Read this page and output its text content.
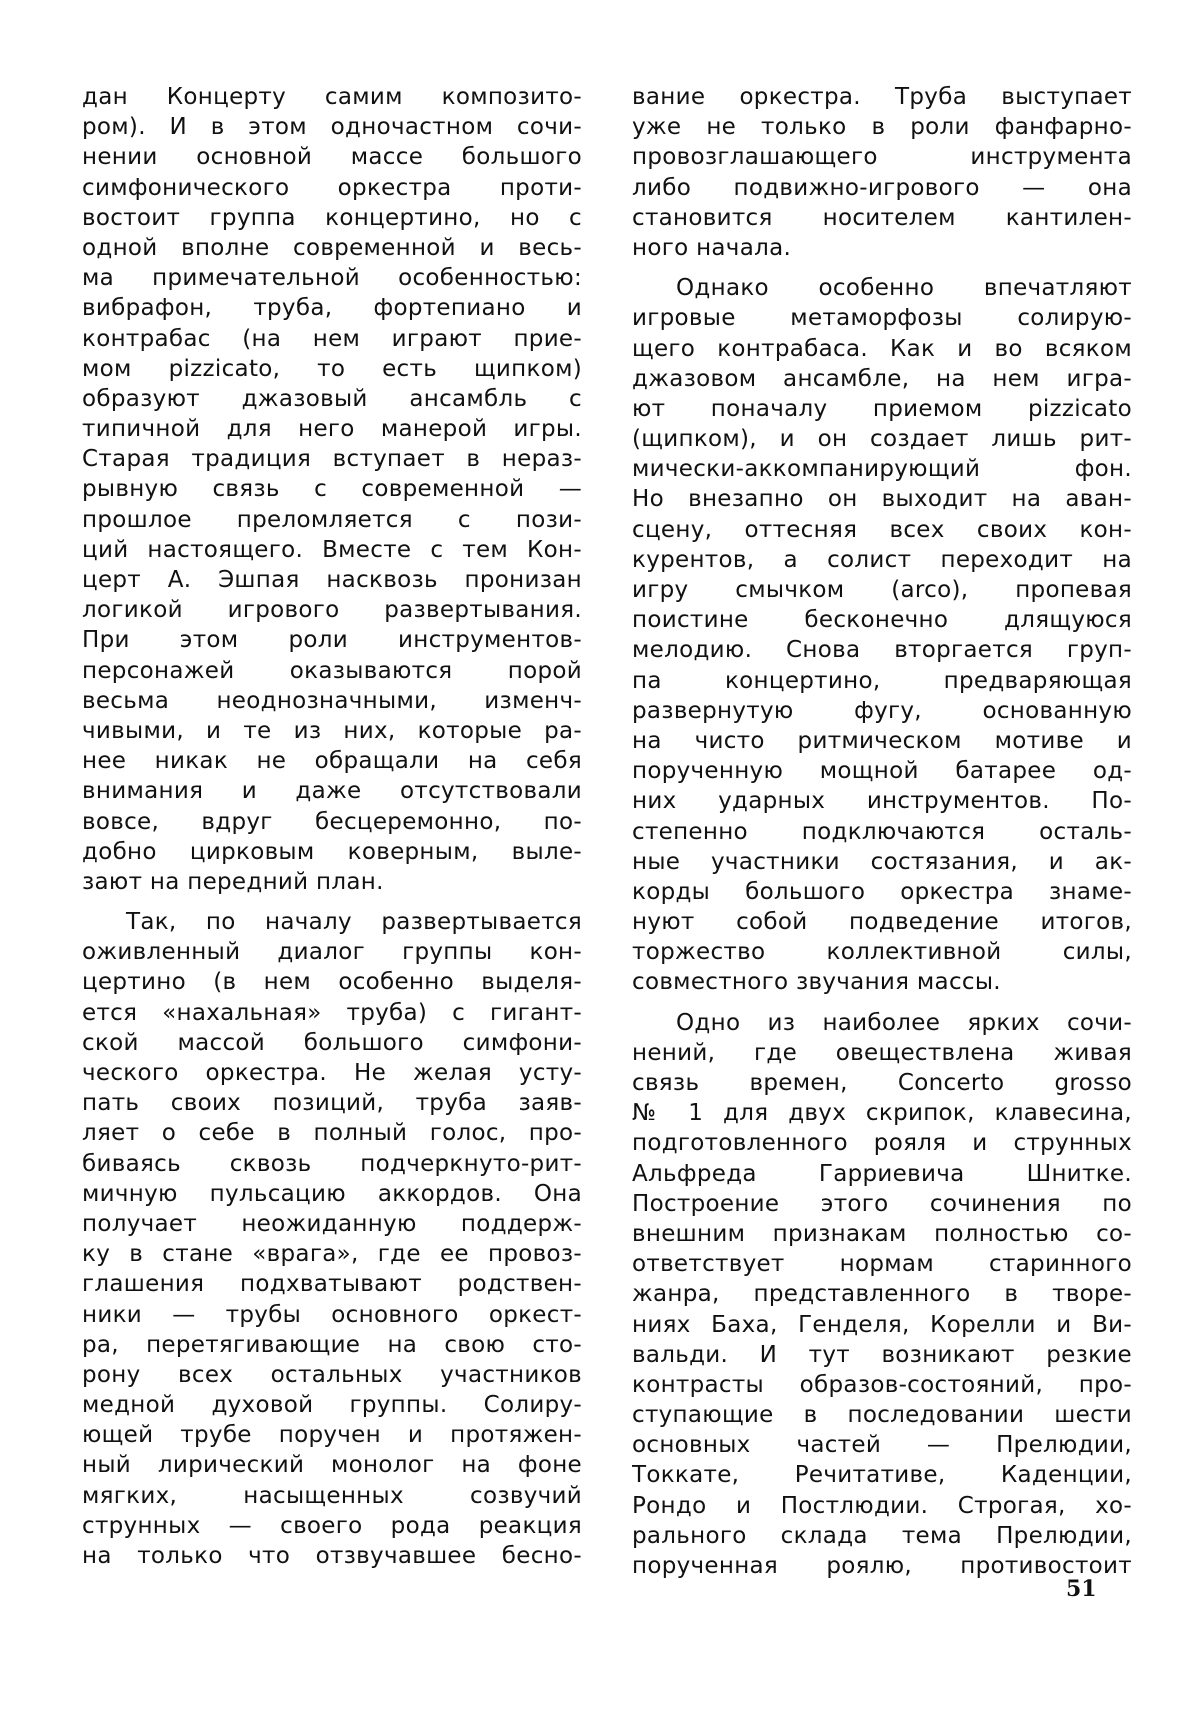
дан Концерту самим композито-
ром). И в этом одночастном сочи-
нении основной массе большого
симфонического оркестра проти-
востоит группа концертино, но с
одной вполне современной и весь-
ма примечательной особенностью:
вибрафон, труба, фортепиано и
контрабас (на нем играют прие-
мом pizzicato, то есть щипком)
образуют джазовый ансамбль с
типичной для него манерой игры.
Старая традиция вступает в нераз-
рывную связь с современной —
прошлое преломляется с пози-
ций настоящего. Вместе с тем Кон-
церт А. Эшпая насквозь пронизан
логикой игрового развертывания.
При этом роли инструментов-
персонажей оказываются порой
весьма неоднозначными, изменч-
чивыми, и те из них, которые ра-
нее никак не обращали на себя
внимания и даже отсутствовали
вовсе, вдруг бесцеремонно, по-
добно цирковым коверным, выле-
зают на передний план.
Так, по началу развертывается
оживленный диалог группы кон-
цертино (в нем особенно выделя-
ется «нахальная» труба) с гигант-
ской массой большого симфони-
ческого оркестра. Не желая усту-
пать своих позиций, труба заяв-
ляет о себе в полный голос, про-
биваясь сквозь подчеркнуто-рит-
мичную пульсацию аккордов. Она
получает неожиданную поддерж-
ку в стане «врага», где ее провоз-
глашения подхватывают родствен-
ники — трубы основного оркест-
ра, перетягивающие на свою сто-
рону всех остальных участников
медной духовой группы. Солиру-
ющей трубе поручен и протяжен-
ный лирический монолог на фоне
мягких, насыщенных созвучий
струнных — своего рода реакция
на только что отзвучавшее бесно-
вание оркестра. Труба выступает
уже не только в роли фанфарно-
провозглашающего инструмента
либо подвижно-игрового — она
становится носителем кантилен-
ного начала.
Однако особенно впечатляют
игровые метаморфозы солирую-
щего контрабаса. Как и во всяком
джазовом ансамбле, на нем игра-
ют поначалу приемом pizzicato
(щипком), и он создает лишь рит-
мически-аккомпанирующий фон.
Но внезапно он выходит на аван-
сцену, оттесняя всех своих кон-
курентов, а солист переходит на
игру смычком (arco), пропевая
поистине бесконечно длящуюся
мелодию. Снова вторгается груп-
па концертино, предваряющая
развернутую фугу, основанную
на чисто ритмическом мотиве и
порученную мощной батарее од-
них ударных инструментов. По-
степенно подключаются осталь-
ные участники состязания, и ак-
корды большого оркестра знаме-
нуют собой подведение итогов,
торжество коллективной силы,
совместного звучания массы.
Одно из наиболее ярких сочи-
нений, где овеществлена живая
связь времен, Concerto grosso
№ 1 для двух скрипок, клавесина,
подготовленного рояля и струнных
Альфреда Гарриевича Шнитке.
Построение этого сочинения по
внешним признакам полностью со-
ответствует нормам старинного
жанра, представленного в творе-
ниях Баха, Генделя, Корелли и Ви-
вальди. И тут возникают резкие
контрасты образов-состояний, про-
ступающие в последовании шести
основных частей — Прелюдии,
Токкате, Речитативе, Каденции,
Рондо и Постлюдии. Строгая, хо-
рального склада тема Прелюдии,
порученная роялю, противостоит
51
